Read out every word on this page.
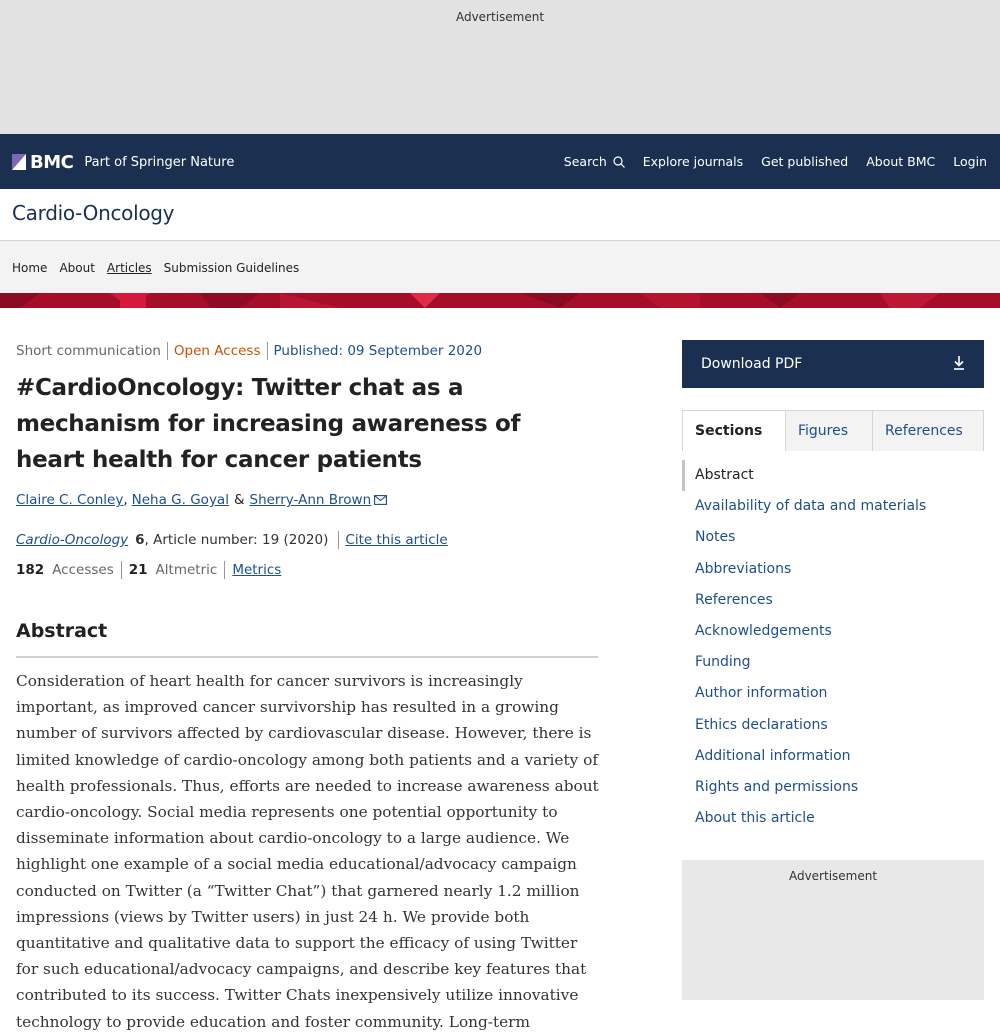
Advertisement
BMC Part of Springer Nature	Search	Explore journals Get published About BMC Login
Cardio-Oncology
Home About Articles Submission Guidelines
Short communication Open Access Published: 09 September 2020
#CardioOncology: Twitter chat as a mechanism for increasing awareness of heart health for cancer patients
Claire C. Conley , Neha G. Goyal & Sherry-Ann Brown
Cardio-Oncology 6 , Article number: 19 (2020) Cite this article
182 Accesses 21 Altmetric Metrics
Abstract

Consideration of heart health for cancer survivors is increasingly important, as improved cancer survivorship has resulted in a growing number of survivors affected by cardiovascular disease. However, there is limited knowledge of cardio-oncology among both patients and a variety of health professionals. Thus, efforts are needed to increase awareness about cardio-oncology. Social media represents one potential opportunity to disseminate information about cardio-oncology to a large audience. We highlight one example of a social media educational/advocacy campaign conducted on Twitter (a “Twitter Chat”) that garnered nearly 1.2 million impressions (views by Twitter users) in just 24 h. We provide both quantitative and qualitative data to support the efficacy of using Twitter for such educational/advocacy campaigns, and describe key features that contributed to its success. Twitter Chats inexpensively utilize innovative technology to provide education and foster community. Long-term

Download PDF
Sections	Figures	References
Abstract
Availability of data and materials
Notes
Abbreviations
References
Acknowledgements
Funding
Author information
Ethics declarations
Additional information
Rights and permissions
About this article
Advertisement
